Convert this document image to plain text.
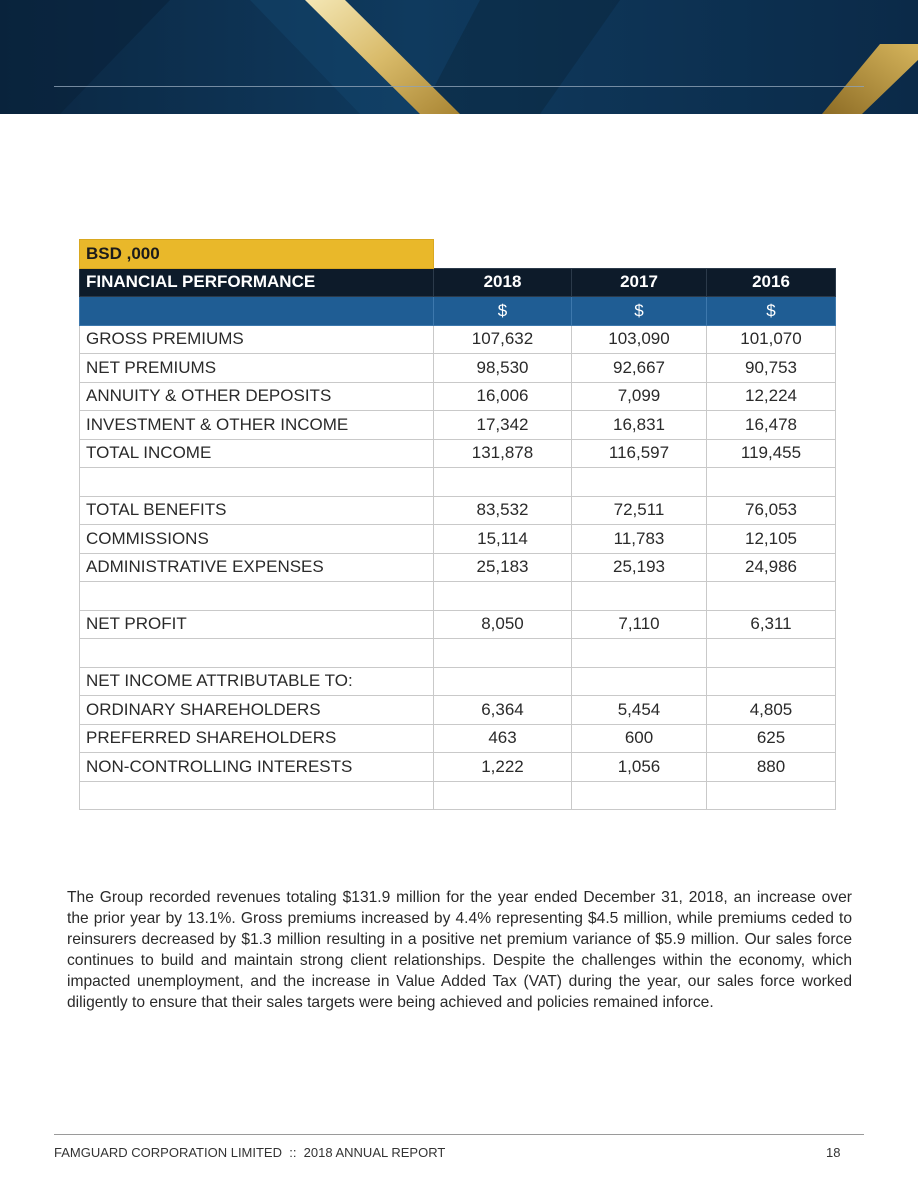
BSD ,000			
FINANCIAL PERFORMANCE	2018	2017	2016
	$	$	$
GROSS PREMIUMS	107,632	103,090	101,070
NET PREMIUMS	98,530	92,667	90,753
ANNUITY & OTHER DEPOSITS	16,006	7,099	12,224
INVESTMENT & OTHER INCOME	17,342	16,831	16,478
TOTAL INCOME	131,878	116,597	119,455

TOTAL BENEFITS	83,532	72,511	76,053
COMMISSIONS	15,114	11,783	12,105
ADMINISTRATIVE EXPENSES	25,183	25,193	24,986

NET PROFIT	8,050	7,110	6,311

NET INCOME ATTRIBUTABLE TO:			
ORDINARY SHAREHOLDERS	6,364	5,454	4,805
PREFERRED SHAREHOLDERS	463	600	625
NON-CONTROLLING INTERESTS	1,222	1,056	880

The Group recorded revenues totaling $131.9 million for the year ended December 31, 2018, an increase over the prior year by 13.1%. Gross premiums increased by 4.4% representing $4.5 million, while premiums ceded to reinsurers decreased by $1.3 million resulting in a positive net premium variance of $5.9 million. Our sales force continues to build and maintain strong client relationships. Despite the challenges within the economy, which impacted unemployment, and the increase in Value Added Tax (VAT) during the year, our sales force worked diligently to ensure that their sales targets were being achieved and policies remained inforce.

FAMGUARD CORPORATION LIMITED  ::  2018 ANNUAL REPORT	18
